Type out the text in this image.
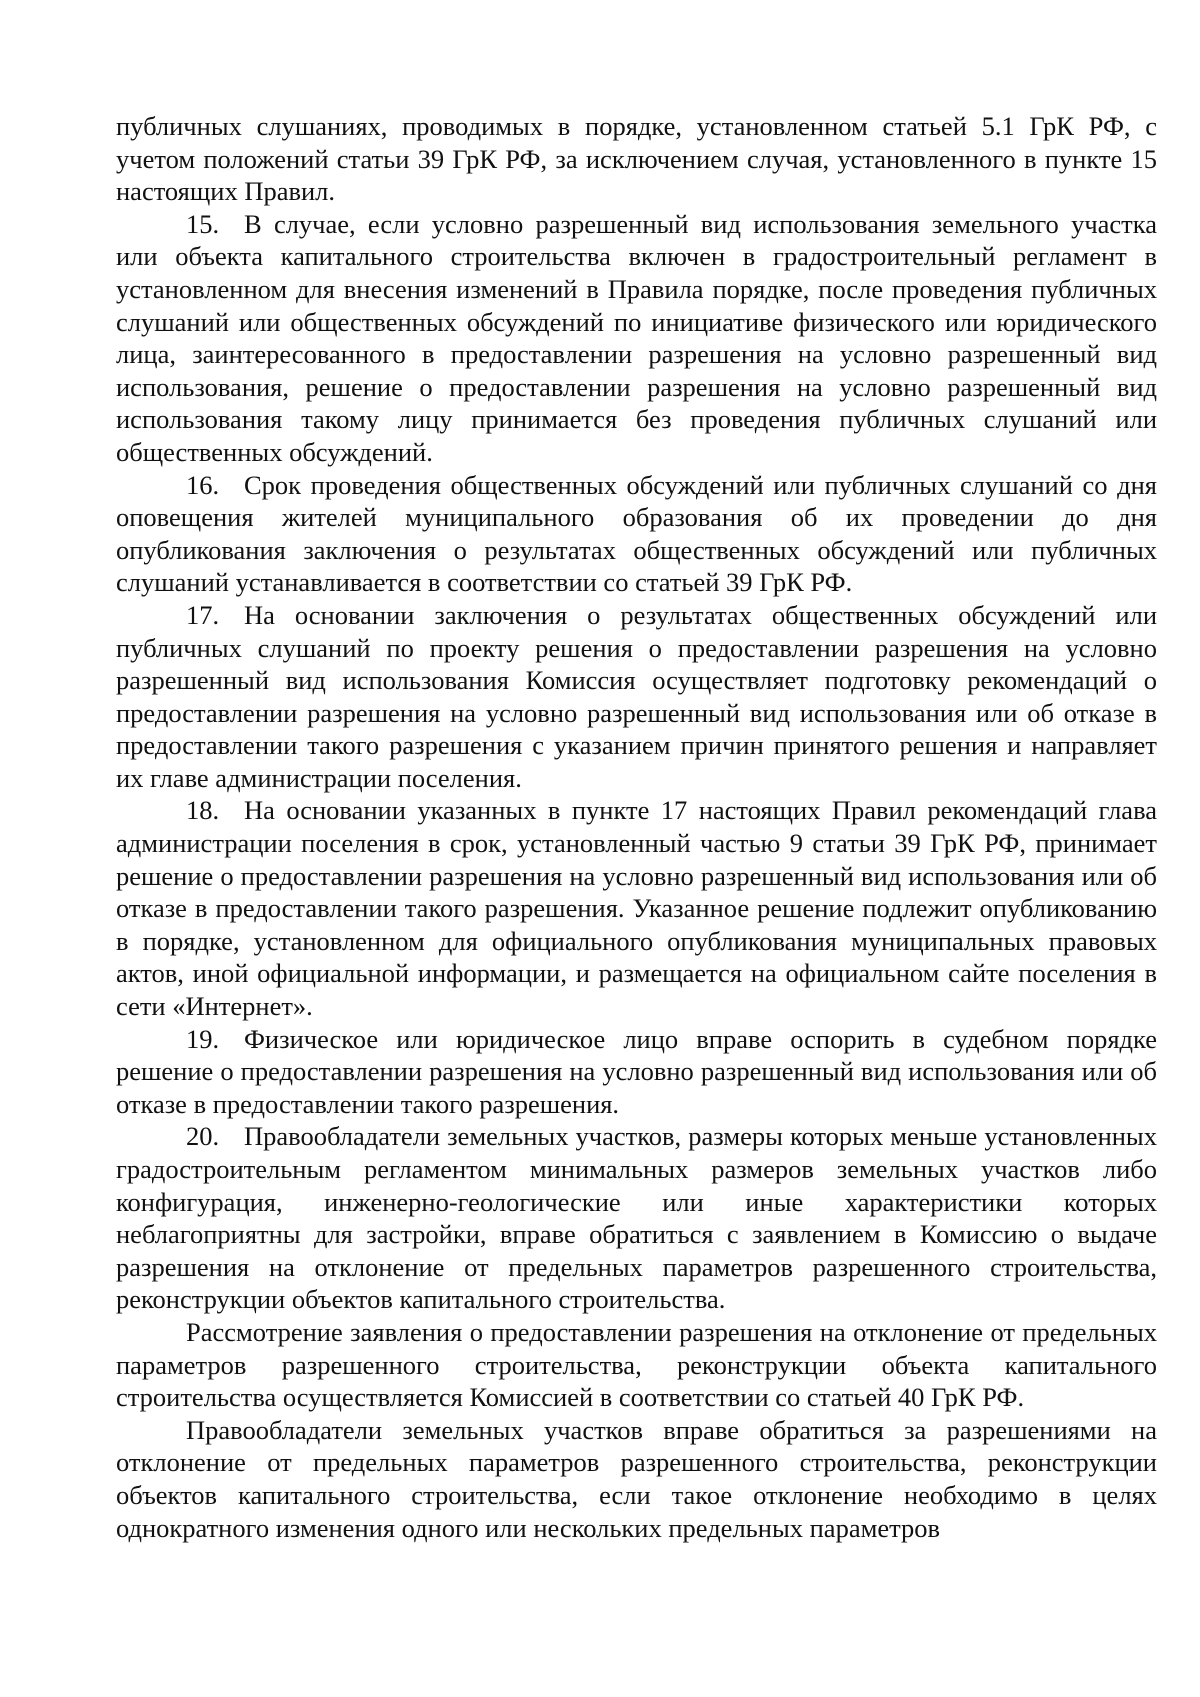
публичных слушаниях, проводимых в порядке, установленном статьей 5.1 ГрК РФ, с учетом положений статьи 39 ГрК РФ, за исключением случая, установленного в пункте 15 настоящих Правил.

15. В случае, если условно разрешенный вид использования земельного участка или объекта капитального строительства включен в градостроительный регламент в установленном для внесения изменений в Правила порядке, после проведения публичных слушаний или общественных обсуждений по инициативе физического или юридического лица, заинтересованного в предоставлении разрешения на условно разрешенный вид использования, решение о предоставлении разрешения на условно разрешенный вид использования такому лицу принимается без проведения публичных слушаний или общественных обсуждений.

16. Срок проведения общественных обсуждений или публичных слушаний со дня оповещения жителей муниципального образования об их проведении до дня опубликования заключения о результатах общественных обсуждений или публичных слушаний устанавливается в соответствии со статьей 39 ГрК РФ.

17. На основании заключения о результатах общественных обсуждений или публичных слушаний по проекту решения о предоставлении разрешения на условно разрешенный вид использования Комиссия осуществляет подготовку рекомендаций о предоставлении разрешения на условно разрешенный вид использования или об отказе в предоставлении такого разрешения с указанием причин принятого решения и направляет их главе администрации поселения.

18. На основании указанных в пункте 17 настоящих Правил рекомендаций глава администрации поселения в срок, установленный частью 9 статьи 39 ГрК РФ, принимает решение о предоставлении разрешения на условно разрешенный вид использования или об отказе в предоставлении такого разрешения. Указанное решение подлежит опубликованию в порядке, установленном для официального опубликования муниципальных правовых актов, иной официальной информации, и размещается на официальном сайте поселения в сети «Интернет».

19. Физическое или юридическое лицо вправе оспорить в судебном порядке решение о предоставлении разрешения на условно разрешенный вид использования или об отказе в предоставлении такого разрешения.

20. Правообладатели земельных участков, размеры которых меньше установленных градостроительным регламентом минимальных размеров земельных участков либо конфигурация, инженерно-геологические или иные характеристики которых неблагоприятны для застройки, вправе обратиться с заявлением в Комиссию о выдаче разрешения на отклонение от предельных параметров разрешенного строительства, реконструкции объектов капитального строительства.

Рассмотрение заявления о предоставлении разрешения на отклонение от предельных параметров разрешенного строительства, реконструкции объекта капитального строительства осуществляется Комиссией в соответствии со статьей 40 ГрК РФ.

Правообладатели земельных участков вправе обратиться за разрешениями на отклонение от предельных параметров разрешенного строительства, реконструкции объектов капитального строительства, если такое отклонение необходимо в целях однократного изменения одного или нескольких предельных параметров
